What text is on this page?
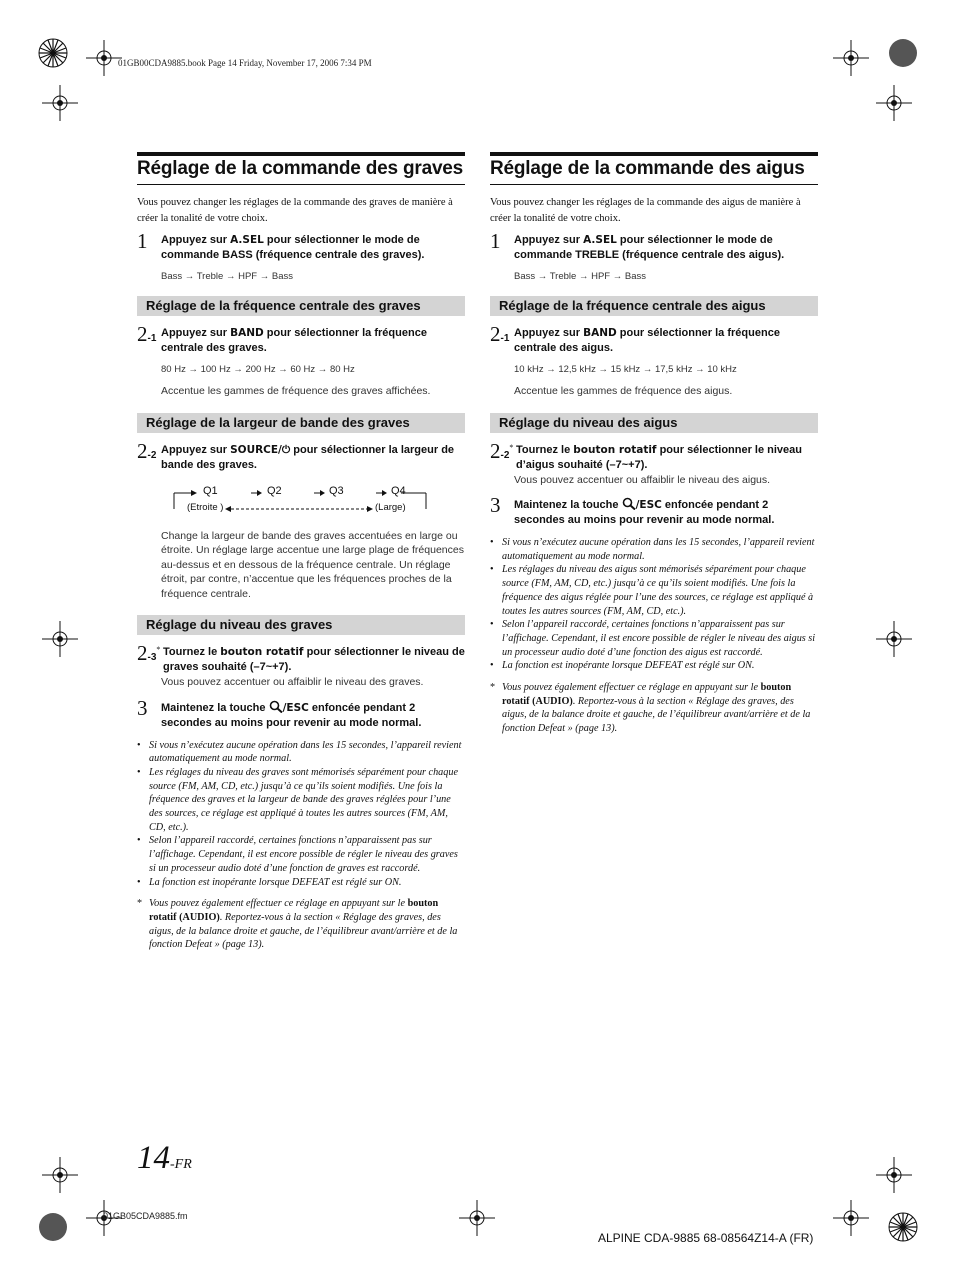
01GB00CDA9885.book Page 14 Friday, November 17, 2006 7:34 PM
Réglage de la commande des graves

Vous pouvez changer les réglages de la commande des graves de manière à créer la tonalité de votre choix.

1 Appuyez sur A.SEL pour sélectionner le mode de commande BASS (fréquence centrale des graves).
Bass → Treble → HPF → Bass
Réglage de la fréquence centrale des graves
2-1 Appuyez sur BAND pour sélectionner la fréquence centrale des graves.
80 Hz → 100 Hz → 200 Hz → 60 Hz → 80 Hz
Accentue les gammes de fréquence des graves affichées.
Réglage de la largeur de bande des graves
2-2 Appuyez sur SOURCE/⏻ pour sélectionner la largeur de bande des graves.
Q1	Q2	Q3	Q4
(Etroite )	(Large)
Change la largeur de bande des graves accentuées en large ou étroite. Un réglage large accentue une large plage de fréquences au-dessus et en dessous de la fréquence centrale. Un réglage étroit, par contre, n’accentue que les fréquences proches de la fréquence centrale.
Réglage du niveau des graves
2-3* Tournez le bouton rotatif pour sélectionner le niveau de graves souhaité (–7~+7).
Vous pouvez accentuer ou affaiblir le niveau des graves.
3 Maintenez la touche /ESC enfoncée pendant 2 secondes au moins pour revenir au mode normal.
• Si vous n’exécutez aucune opération dans les 15 secondes, l’appareil revient automatiquement au mode normal.
• Les réglages du niveau des graves sont mémorisés séparément pour chaque source (FM, AM, CD, etc.) jusqu’à ce qu’ils soient modifiés. Une fois la fréquence des graves et la largeur de bande des graves réglées pour l’une des sources, ce réglage est appliqué à toutes les autres sources (FM, AM, CD, etc.).
• Selon l’appareil raccordé, certaines fonctions n’apparaissent pas sur l’affichage. Cependant, il est encore possible de régler le niveau des graves si un processeur audio doté d’une fonction de graves est raccordé.
• La fonction est inopérante lorsque DEFEAT est réglé sur ON.
* Vous pouvez également effectuer ce réglage en appuyant sur le bouton rotatif (AUDIO). Reportez-vous à la section « Réglage des graves, des aigus, de la balance droite et gauche, de l’équilibreur avant/arrière et de la fonction Defeat » (page 13).
Réglage de la commande des aigus

Vous pouvez changer les réglages de la commande des aigus de manière à créer la tonalité de votre choix.

1 Appuyez sur A.SEL pour sélectionner le mode de commande TREBLE (fréquence centrale des aigus).
Bass → Treble → HPF → Bass
Réglage de la fréquence centrale des aigus
2-1 Appuyez sur BAND pour sélectionner la fréquence centrale des aigus.
10 kHz → 12,5 kHz → 15 kHz → 17,5 kHz → 10 kHz
Accentue les gammes de fréquence des aigus.
Réglage du niveau des aigus
2-2* Tournez le bouton rotatif pour sélectionner le niveau d’aigus souhaité (–7~+7).
Vous pouvez accentuer ou affaiblir le niveau des aigus.
3 Maintenez la touche /ESC enfoncée pendant 2 secondes au moins pour revenir au mode normal.
• Si vous n’exécutez aucune opération dans les 15 secondes, l’appareil revient automatiquement au mode normal.
• Les réglages du niveau des aigus sont mémorisés séparément pour chaque source (FM, AM, CD, etc.) jusqu’à ce qu’ils soient modifiés. Une fois la fréquence des aigus réglée pour l’une des sources, ce réglage est appliqué à toutes les autres sources (FM, AM, CD, etc.).
• Selon l’appareil raccordé, certaines fonctions n’apparaissent pas sur l’affichage. Cependant, il est encore possible de régler le niveau des aigus si un processeur audio doté d’une fonction des aigus est raccordé.
• La fonction est inopérante lorsque DEFEAT est réglé sur ON.
* Vous pouvez également effectuer ce réglage en appuyant sur le bouton rotatif (AUDIO). Reportez-vous à la section « Réglage des graves, des aigus, de la balance droite et gauche, de l’équilibreur avant/arrière et de la fonction Defeat » (page 13).
14-FR
01GB05CDA9885.fm
ALPINE CDA-9885 68-08564Z14-A (FR)
